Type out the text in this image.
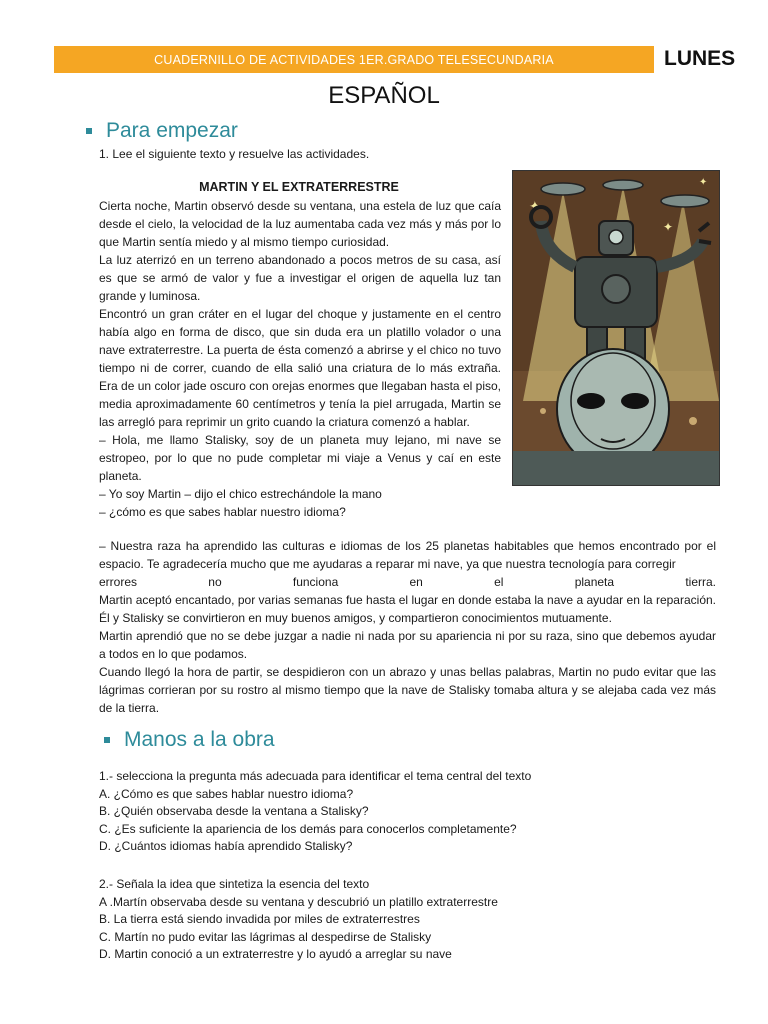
CUADERNILLO DE ACTIVIDADES 1ER.GRADO TELESECUNDARIA	LUNES
ESPAÑOL
Para empezar
1. Lee el siguiente texto y resuelve las actividades.
MARTIN Y EL EXTRATERRESTRE

Cierta noche, Martin observó desde su ventana, una estela de luz que caía desde el cielo, la velocidad de la luz aumentaba cada vez más y más por lo que Martin sentía miedo y al mismo tiempo curiosidad.

La luz aterrizó en un terreno abandonado a pocos metros de su casa, así es que se armó de valor y fue a investigar el origen de aquella luz tan grande y luminosa.

Encontró un gran cráter en el lugar del choque y justamente en el centro había algo en forma de disco, que sin duda era un platillo volador o una nave extraterrestre. La puerta de ésta comenzó a abrirse y el chico no tuvo tiempo ni de correr, cuando de ella salió una criatura de lo más extraña. Era de un color jade oscuro con orejas enormes que llegaban hasta el piso, media aproximadamente 60 centímetros y tenía la piel arrugada, Martin se las arregló para reprimir un grito cuando la criatura comenzó a hablar.

– Hola, me llamo Stalisky, soy de un planeta muy lejano, mi nave se estropeo, por lo que no pude completar mi viaje a Venus y caí en este planeta.

– Yo soy Martin – dijo el chico estrechándole la mano

– ¿cómo es que sabes hablar nuestro idioma?

✦
✦
✦

– Nuestra raza ha aprendido las culturas e idiomas de los 25 planetas habitables que hemos encontrado por el espacio. Te agradecería mucho que me ayudaras a reparar mi nave, ya que nuestra tecnología para corregir

errores no funciona en el planeta tierra.

Martin aceptó encantado, por varias semanas fue hasta el lugar en donde estaba la nave a ayudar en la reparación. Él y Stalisky se convirtieron en muy buenos amigos, y compartieron conocimientos mutuamente.

Martin aprendió que no se debe juzgar a nadie ni nada por su apariencia ni por su raza, sino que debemos ayudar a todos en lo que podamos.

Cuando llegó la hora de partir, se despidieron con un abrazo y unas bellas palabras, Martin no pudo evitar que las lágrimas corrieran por su rostro al mismo tiempo que la nave de Stalisky tomaba altura y se alejaba cada vez más de la tierra.

Manos a la obra
1.- selecciona la pregunta más adecuada para identificar el tema central del texto
A. ¿Cómo es que sabes hablar nuestro idioma?
B. ¿Quién observaba desde la ventana a Stalisky?
C. ¿Es suficiente la apariencia de los demás para conocerlos completamente?
D. ¿Cuántos idiomas había aprendido Stalisky?
2.- Señala la idea que sintetiza la esencia del texto
A .Martín observaba desde su ventana y descubrió un platillo extraterrestre
B. La tierra está siendo invadida por miles de extraterrestres
C. Martín no pudo evitar las lágrimas al despedirse de Stalisky
D. Martin conoció a un extraterrestre y lo ayudó a arreglar su nave
